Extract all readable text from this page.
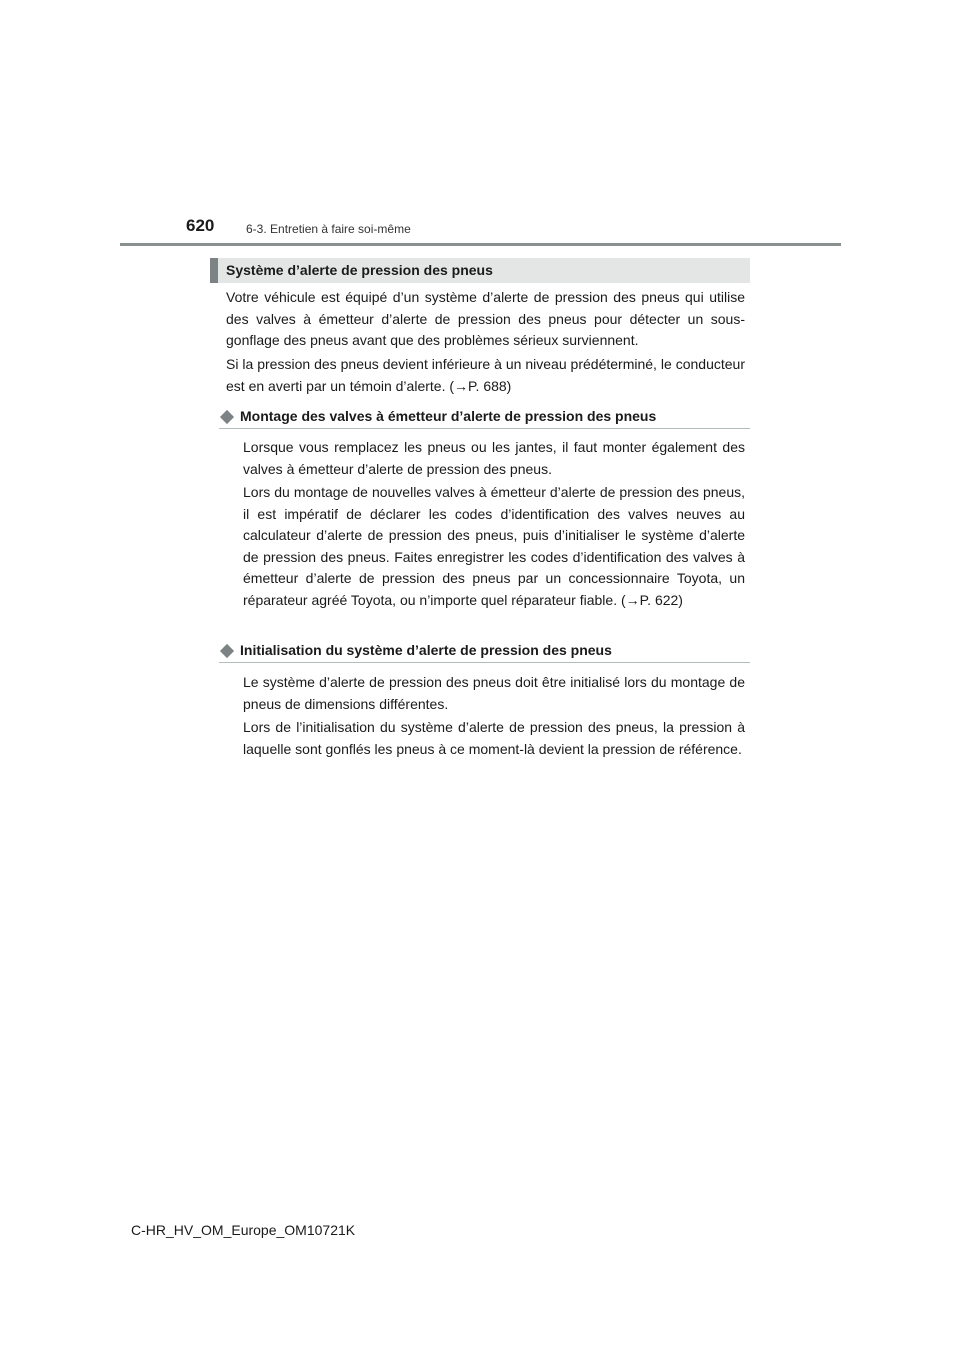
620	6-3. Entretien à faire soi-même
Système d’alerte de pression des pneus

Votre véhicule est équipé d’un système d’alerte de pression des pneus qui utilise des valves à émetteur d’alerte de pression des pneus pour détecter un sous-gonflage des pneus avant que des problèmes sérieux surviennent.

Si la pression des pneus devient inférieure à un niveau prédéterminé, le conducteur est en averti par un témoin d’alerte. (→P. 688)

Montage des valves à émetteur d’alerte de pression des pneus

Lorsque vous remplacez les pneus ou les jantes, il faut monter également des valves à émetteur d’alerte de pression des pneus.

Lors du montage de nouvelles valves à émetteur d’alerte de pression des pneus, il est impératif de déclarer les codes d’identification des valves neuves au calculateur d’alerte de pression des pneus, puis d’initialiser le système d’alerte de pression des pneus. Faites enregistrer les codes d’identification des valves à émetteur d’alerte de pression des pneus par un concessionnaire Toyota, un réparateur agréé Toyota, ou n’importe quel réparateur fiable. (→P. 622)

Initialisation du système d’alerte de pression des pneus

Le système d’alerte de pression des pneus doit être initialisé lors du montage de pneus de dimensions différentes.

Lors de l’initialisation du système d’alerte de pression des pneus, la pression à laquelle sont gonflés les pneus à ce moment-là devient la pression de référence.

C-HR_HV_OM_Europe_OM10721K
